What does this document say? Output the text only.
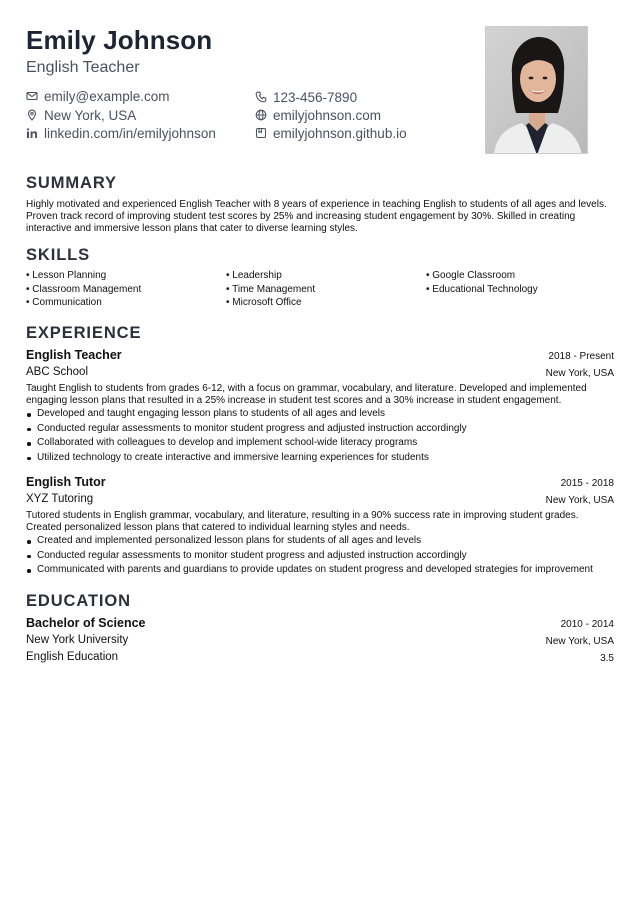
Emily Johnson
English Teacher
emily@example.com
New York, USA
linkedin.com/in/emilyjohnson
123-456-7890
emilyjohnson.com
emilyjohnson.github.io
SUMMARY
Highly motivated and experienced English Teacher with 8 years of experience in teaching English to students of all ages and levels. Proven track record of improving student test scores by 25% and increasing student engagement by 30%. Skilled in creating interactive and immersive lesson plans that cater to diverse learning styles.
SKILLS
• Lesson Planning	• Leadership	• Google Classroom
• Classroom Management	• Time Management	• Educational Technology
• Communication	• Microsoft Office
EXPERIENCE
English Teacher	2018 - Present
ABC School	New York, USA
Taught English to students from grades 6-12, with a focus on grammar, vocabulary, and literature. Developed and implemented engaging lesson plans that resulted in a 25% increase in student test scores and a 30% increase in student engagement.
Developed and taught engaging lesson plans to students of all ages and levels
Conducted regular assessments to monitor student progress and adjusted instruction accordingly
Collaborated with colleagues to develop and implement school-wide literacy programs
Utilized technology to create interactive and immersive learning experiences for students
English Tutor	2015 - 2018
XYZ Tutoring	New York, USA
Tutored students in English grammar, vocabulary, and literature, resulting in a 90% success rate in improving student grades. Created personalized lesson plans that catered to individual learning styles and needs.
Created and implemented personalized lesson plans for students of all ages and levels
Conducted regular assessments to monitor student progress and adjusted instruction accordingly
Communicated with parents and guardians to provide updates on student progress and developed strategies for improvement
EDUCATION
Bachelor of Science	2010 - 2014
New York University	New York, USA
English Education	3.5
